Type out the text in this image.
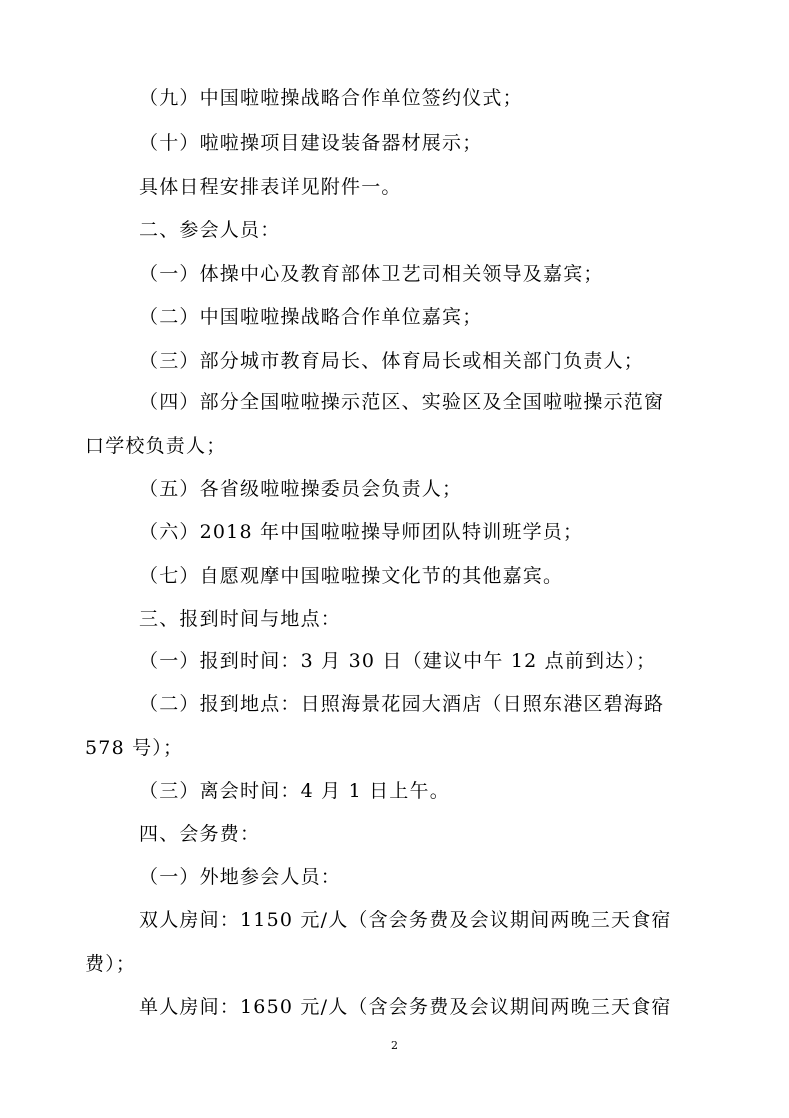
（九）中国啦啦操战略合作单位签约仪式；
（十）啦啦操项目建设装备器材展示；
具体日程安排表详见附件一。
二、参会人员：
（一）体操中心及教育部体卫艺司相关领导及嘉宾；
（二）中国啦啦操战略合作单位嘉宾；
（三）部分城市教育局长、体育局长或相关部门负责人；
（四）部分全国啦啦操示范区、实验区及全国啦啦操示范窗
口学校负责人；
（五）各省级啦啦操委员会负责人；
（六）2018 年中国啦啦操导师团队特训班学员；
（七）自愿观摩中国啦啦操文化节的其他嘉宾。
三、报到时间与地点：
（一）报到时间：3 月 30 日（建议中午 12 点前到达）；
（二）报到地点：日照海景花园大酒店（日照东港区碧海路
578 号）；
（三）离会时间：4 月 1 日上午。
四、会务费：
（一）外地参会人员：
双人房间：1150 元/人（含会务费及会议期间两晚三天食宿
费）；
单人房间：1650 元/人（含会务费及会议期间两晚三天食宿
2
